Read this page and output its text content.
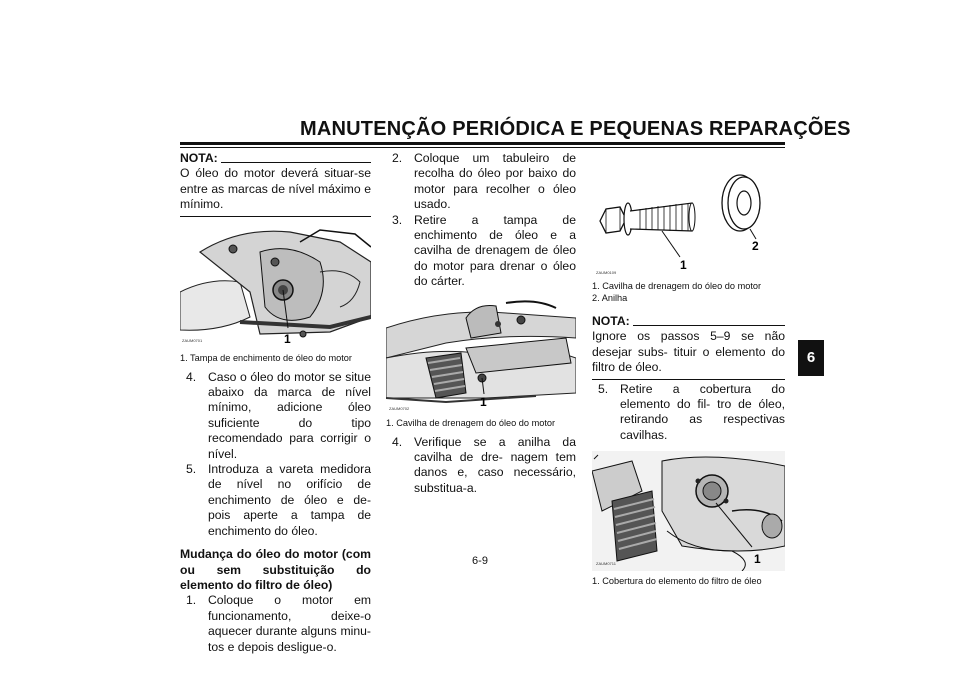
MANUTENÇÃO PERIÓDICA E PEQUENAS REPARAÇÕES
6
NOTA:
O óleo do motor deverá situar-se entre as marcas de nível máximo e mínimo.
ZAUM0701	1
1. Tampa de enchimento de óleo do motor
4. Caso o óleo do motor se situe abaixo da marca de nível mínimo, adicione óleo suficiente do tipo recomendado para corrigir o nível.
5. Introduza a vareta medidora de nível no orifício de enchimento de óleo e de- pois aperte a tampa de enchimento do óleo.
Mudança do óleo do motor (com ou sem substituição do elemento do filtro de óleo)
1. Coloque o motor em funcionamento, deixe-o aquecer durante alguns minu- tos e depois desligue-o.
2. Coloque um tabuleiro de recolha do óleo por baixo do motor para recolher o óleo usado.
3. Retire a tampa de enchimento de óleo e a cavilha de drenagem de óleo do motor para drenar o óleo do cárter.
ZAUM0702	1
1. Cavilha de drenagem do óleo do motor
4. Verifique se a anilha da cavilha de dre- nagem tem danos e, caso necessário, substitua-a.
ZAUM0109
1
2
1. Cavilha de drenagem do óleo do motor
2. Anilha
NOTA:
Ignore os passos 5–9 se não desejar subs- tituir o elemento do filtro de óleo.
5. Retire a cobertura do elemento do fil- tro de óleo, retirando as respectivas cavilhas.
ZAUM0711	1
1. Cobertura do elemento do filtro de óleo
6-9
